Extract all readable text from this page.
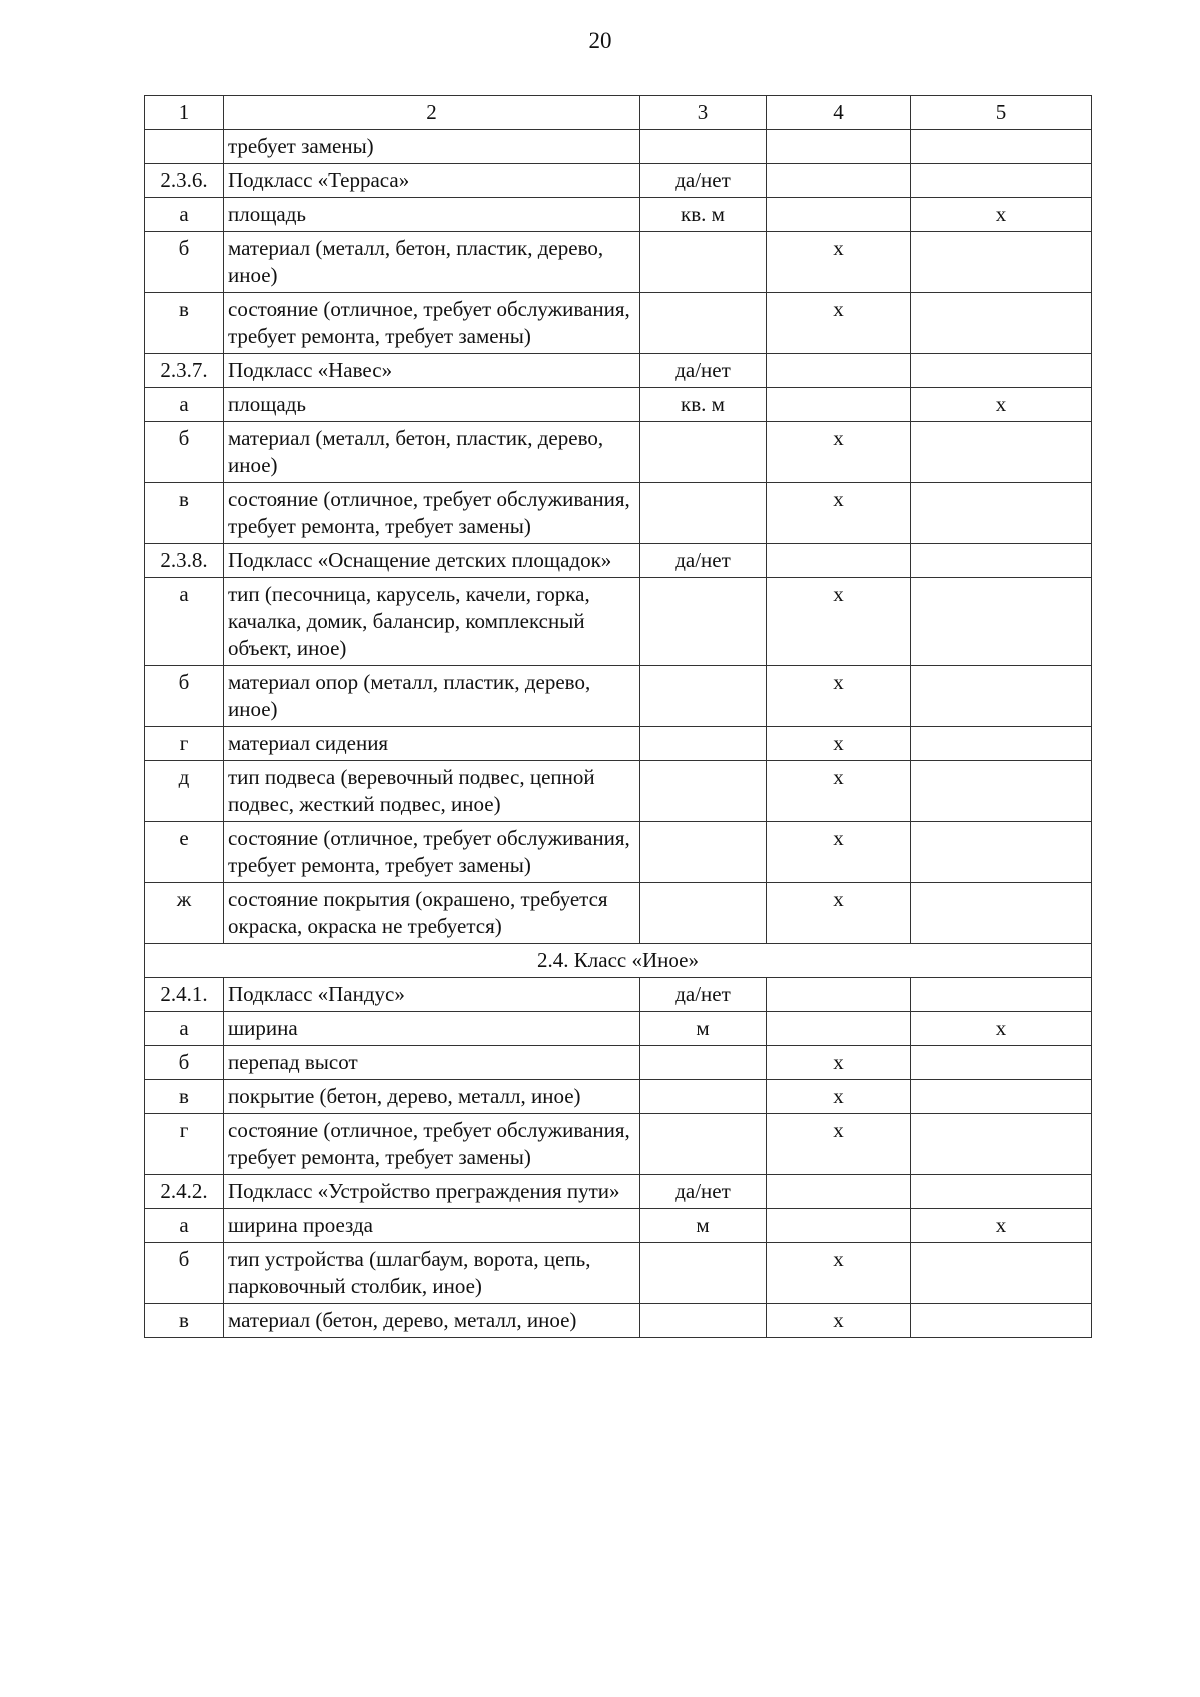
20
1	2	3	4	5
	требует замены)			
2.3.6.	Подкласс «Терраса»	да/нет		
а	площадь	кв. м		х
б	материал (металл, бетон, пластик, дерево, иное)		х	
в	состояние (отличное, требует обслуживания, требует ремонта, требует замены)		х	
2.3.7.	Подкласс «Навес»	да/нет		
а	площадь	кв. м		х
б	материал (металл, бетон, пластик, дерево, иное)		х	
в	состояние (отличное, требует обслуживания, требует ремонта, требует замены)		х	
2.3.8.	Подкласс «Оснащение детских площадок»	да/нет		
а	тип (песочница, карусель, качели, горка, качалка, домик, балансир, комплексный объект, иное)		х	
б	материал опор (металл, пластик, дерево, иное)		х	
г	материал сидения		х	
д	тип подвеса (веревочный подвес, цепной подвес, жесткий подвес, иное)		х	
е	состояние (отличное, требует обслуживания, требует ремонта, требует замены)		х	
ж	состояние покрытия (окрашено, требуется окраска, окраска не требуется)		х	
2.4. Класс «Иное»				
2.4.1.	Подкласс «Пандус»	да/нет		
а	ширина	м		х
б	перепад высот		х	
в	покрытие (бетон, дерево, металл, иное)		х	
г	состояние (отличное, требует обслуживания, требует ремонта, требует замены)		х	
2.4.2.	Подкласс «Устройство преграждения пути»	да/нет		
а	ширина проезда	м		х
б	тип устройства (шлагбаум, ворота, цепь, парковочный столбик, иное)		х	
в	материал (бетон, дерево, металл, иное)		х	
